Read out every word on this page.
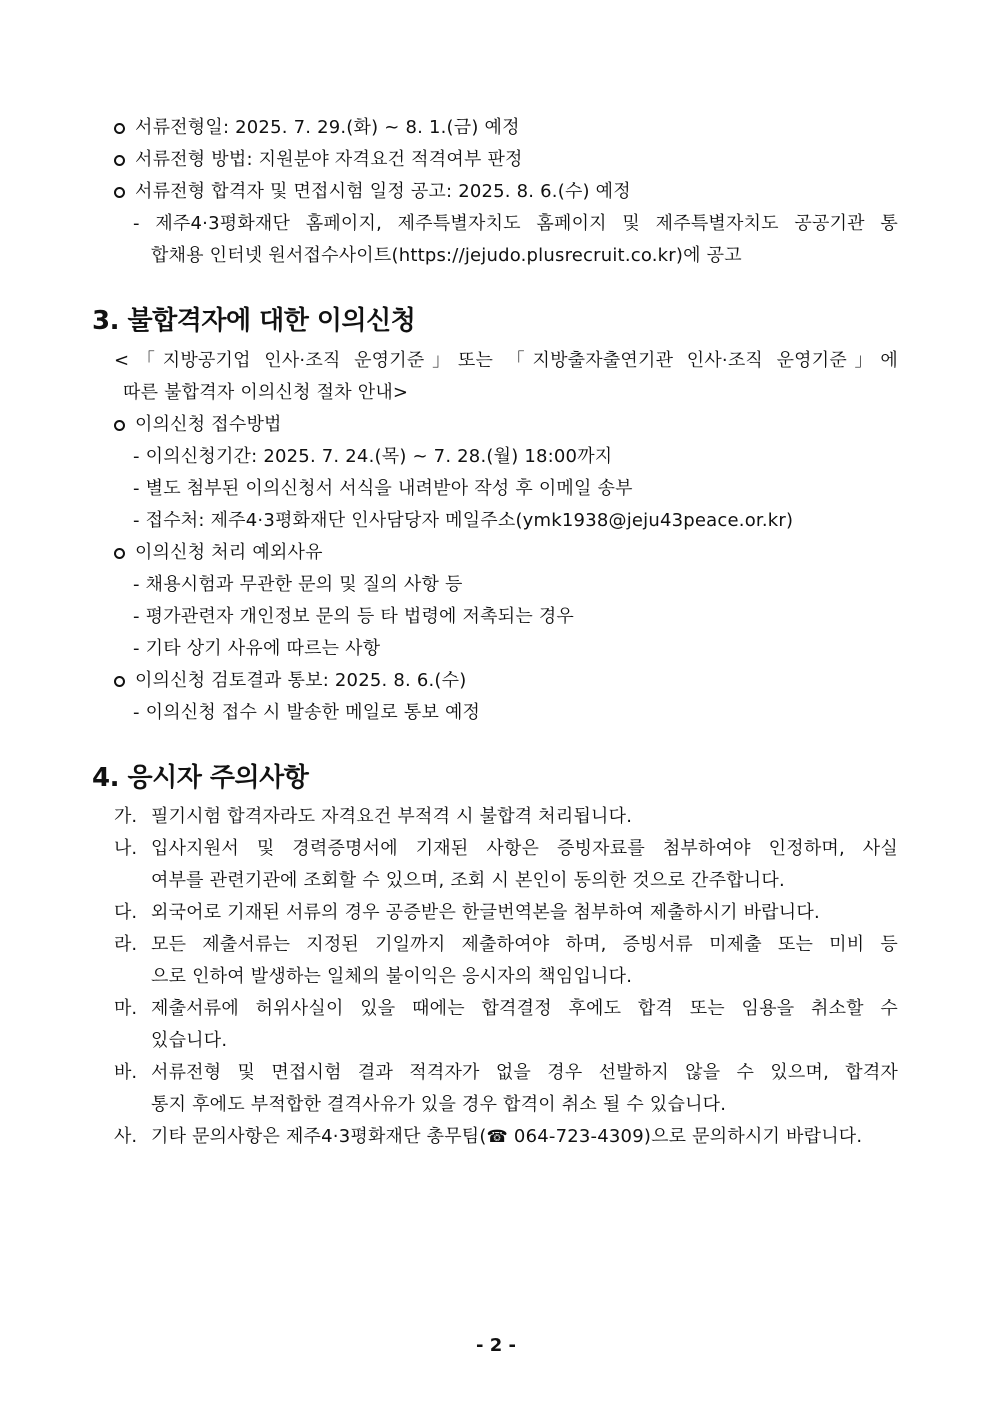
서류전형일: 2025. 7. 29.(화) ~ 8. 1.(금) 예정
서류전형 방법: 지원분야 자격요건 적격여부 판정
서류전형 합격자 및 면접시험 일정 공고: 2025. 8. 6.(수) 예정
- 제주4·3평화재단 홈페이지, 제주특별자치도 홈페이지 및 제주특별자치도 공공기관 통
합채용 인터넷 원서접수사이트(https://jejudo.plusrecruit.co.kr)에 공고
3. 불합격자에 대한 이의신청
<「지방공기업 인사·조직 운영기준」또는 「지방출자출연기관 인사·조직 운영기준」에
따른 불합격자 이의신청 절차 안내>
이의신청 접수방법
- 이의신청기간: 2025. 7. 24.(목) ~ 7. 28.(월) 18:00까지
- 별도 첨부된 이의신청서 서식을 내려받아 작성 후 이메일 송부
- 접수처: 제주4·3평화재단 인사담당자 메일주소(ymk1938@jeju43peace.or.kr)
이의신청 처리 예외사유
- 채용시험과 무관한 문의 및 질의 사항 등
- 평가관련자 개인정보 문의 등 타 법령에 저촉되는 경우
- 기타 상기 사유에 따르는 사항
이의신청 검토결과 통보: 2025. 8. 6.(수)
- 이의신청 접수 시 발송한 메일로 통보 예정
4. 응시자 주의사항
가. 필기시험 합격자라도 자격요건 부적격 시 불합격 처리됩니다.
나. 입사지원서 및 경력증명서에 기재된 사항은 증빙자료를 첨부하여야 인정하며, 사실
여부를 관련기관에 조회할 수 있으며, 조회 시 본인이 동의한 것으로 간주합니다.
다. 외국어로 기재된 서류의 경우 공증받은 한글번역본을 첨부하여 제출하시기 바랍니다.
라. 모든 제출서류는 지정된 기일까지 제출하여야 하며, 증빙서류 미제출 또는 미비 등
으로 인하여 발생하는 일체의 불이익은 응시자의 책임입니다.
마. 제출서류에 허위사실이 있을 때에는 합격결정 후에도 합격 또는 임용을 취소할 수
있습니다.
바. 서류전형 및 면접시험 결과 적격자가 없을 경우 선발하지 않을 수 있으며, 합격자
통지 후에도 부적합한 결격사유가 있을 경우 합격이 취소 될 수 있습니다.
사. 기타 문의사항은 제주4·3평화재단 총무팀(☎ 064-723-4309)으로 문의하시기 바랍니다.
- 2 -
